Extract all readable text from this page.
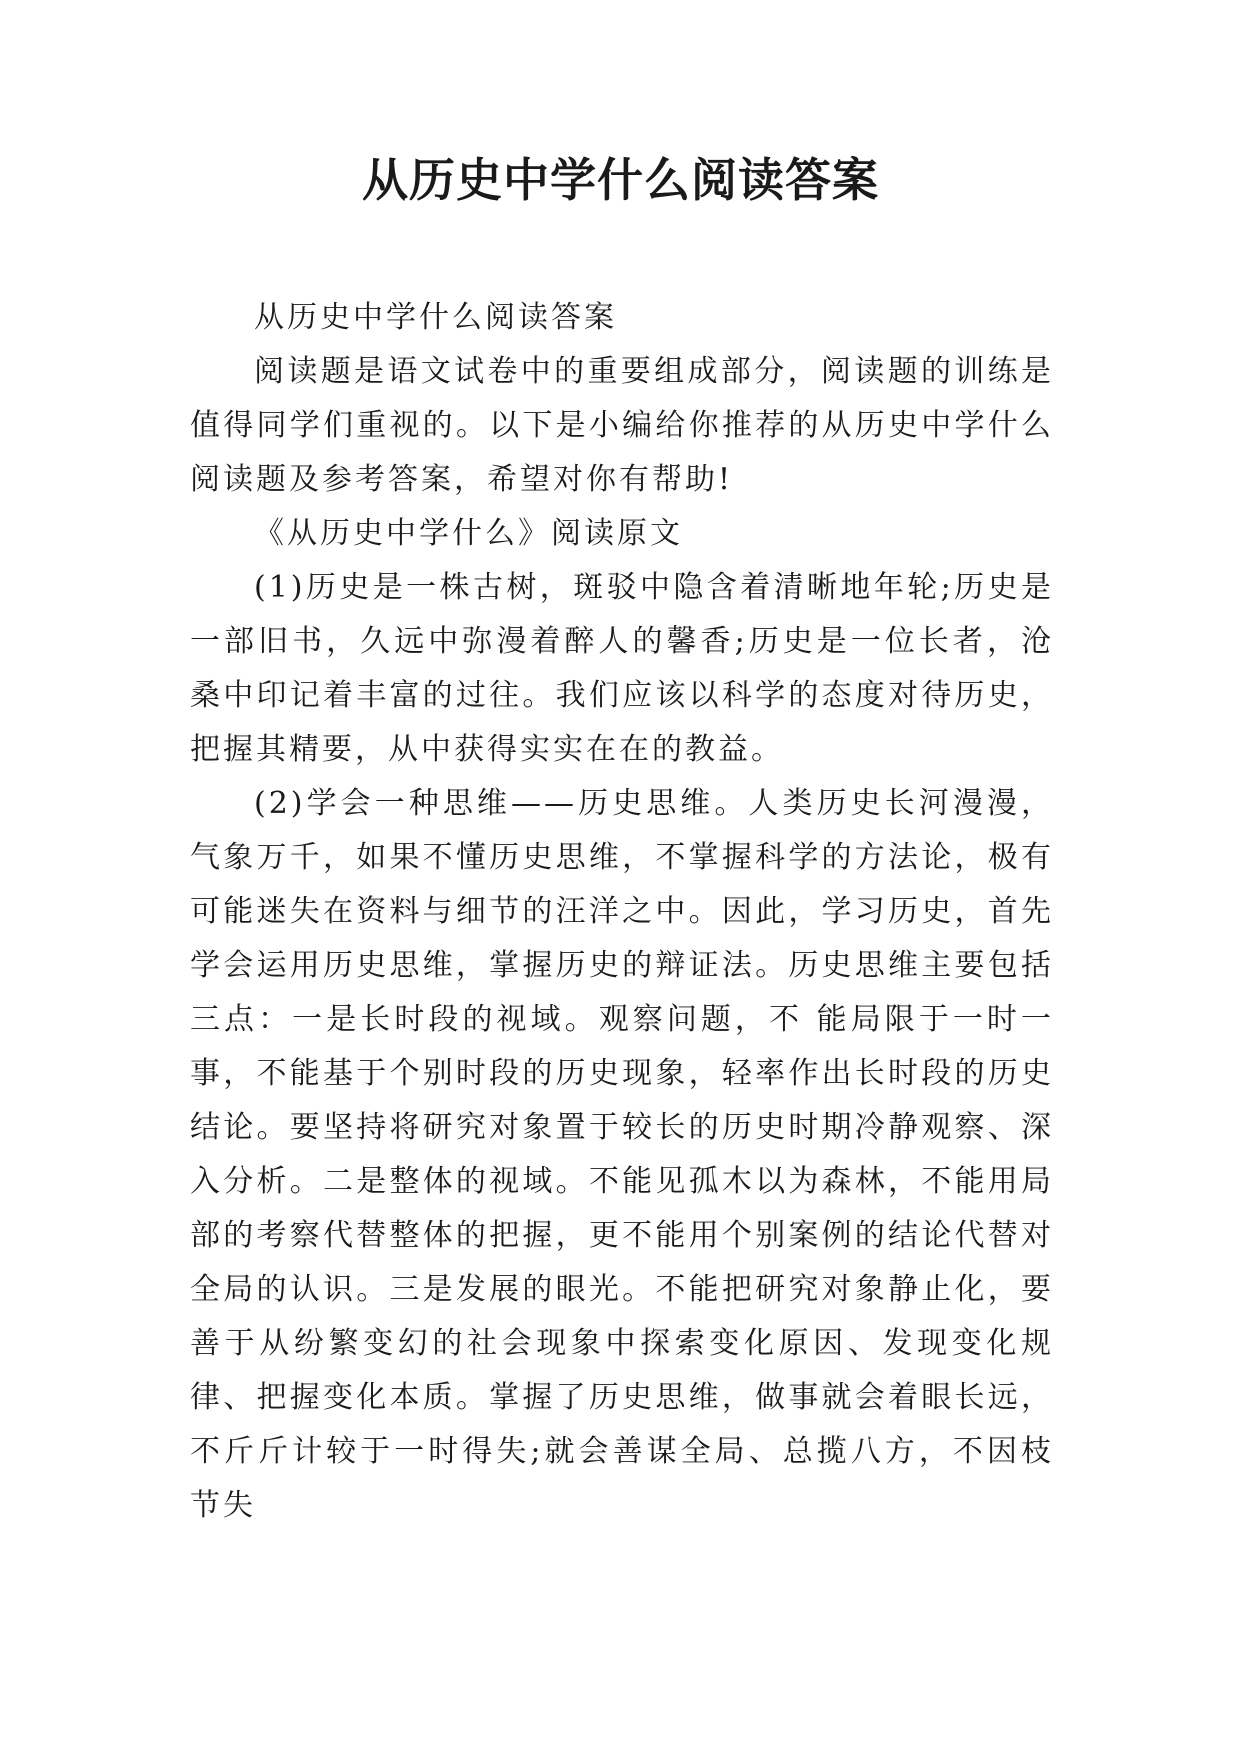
从历史中学什么阅读答案

从历史中学什么阅读答案

阅读题是语文试卷中的重要组成部分，阅读题的训练是值得同学们重视的。以下是小编给你推荐的从历史中学什么阅读题及参考答案，希望对你有帮助!

《从历史中学什么》阅读原文

(1)历史是一株古树，斑驳中隐含着清晰地年轮;历史是一部旧书，久远中弥漫着醉人的馨香;历史是一位长者，沧桑中印记着丰富的过往。我们应该以科学的态度对待历史，把握其精要，从中获得实实在在的教益。

(2)学会一种思维——历史思维。人类历史长河漫漫，气象万千，如果不懂历史思维，不掌握科学的方法论，极有可能迷失在资料与细节的汪洋之中。因此，学习历史，首先学会运用历史思维，掌握历史的辩证法。历史思维主要包括三点：一是长时段的视域。观察问题，不 能局限于一时一事，不能基于个别时段的历史现象，轻率作出长时段的历史结论。要坚持将研究对象置于较长的历史时期冷静观察、深入分析。二是整体的视域。不能见孤木以为森林，不能用局部的考察代替整体的把握，更不能用个别案例的结论代替对全局的认识。三是发展的眼光。不能把研究对象静止化，要善于从纷繁变幻的社会现象中探索变化原因、发现变化规律、把握变化本质。掌握了历史思维，做事就会着眼长远，不斤斤计较于一时得失;就会善谋全局、总揽八方，不因枝节失
